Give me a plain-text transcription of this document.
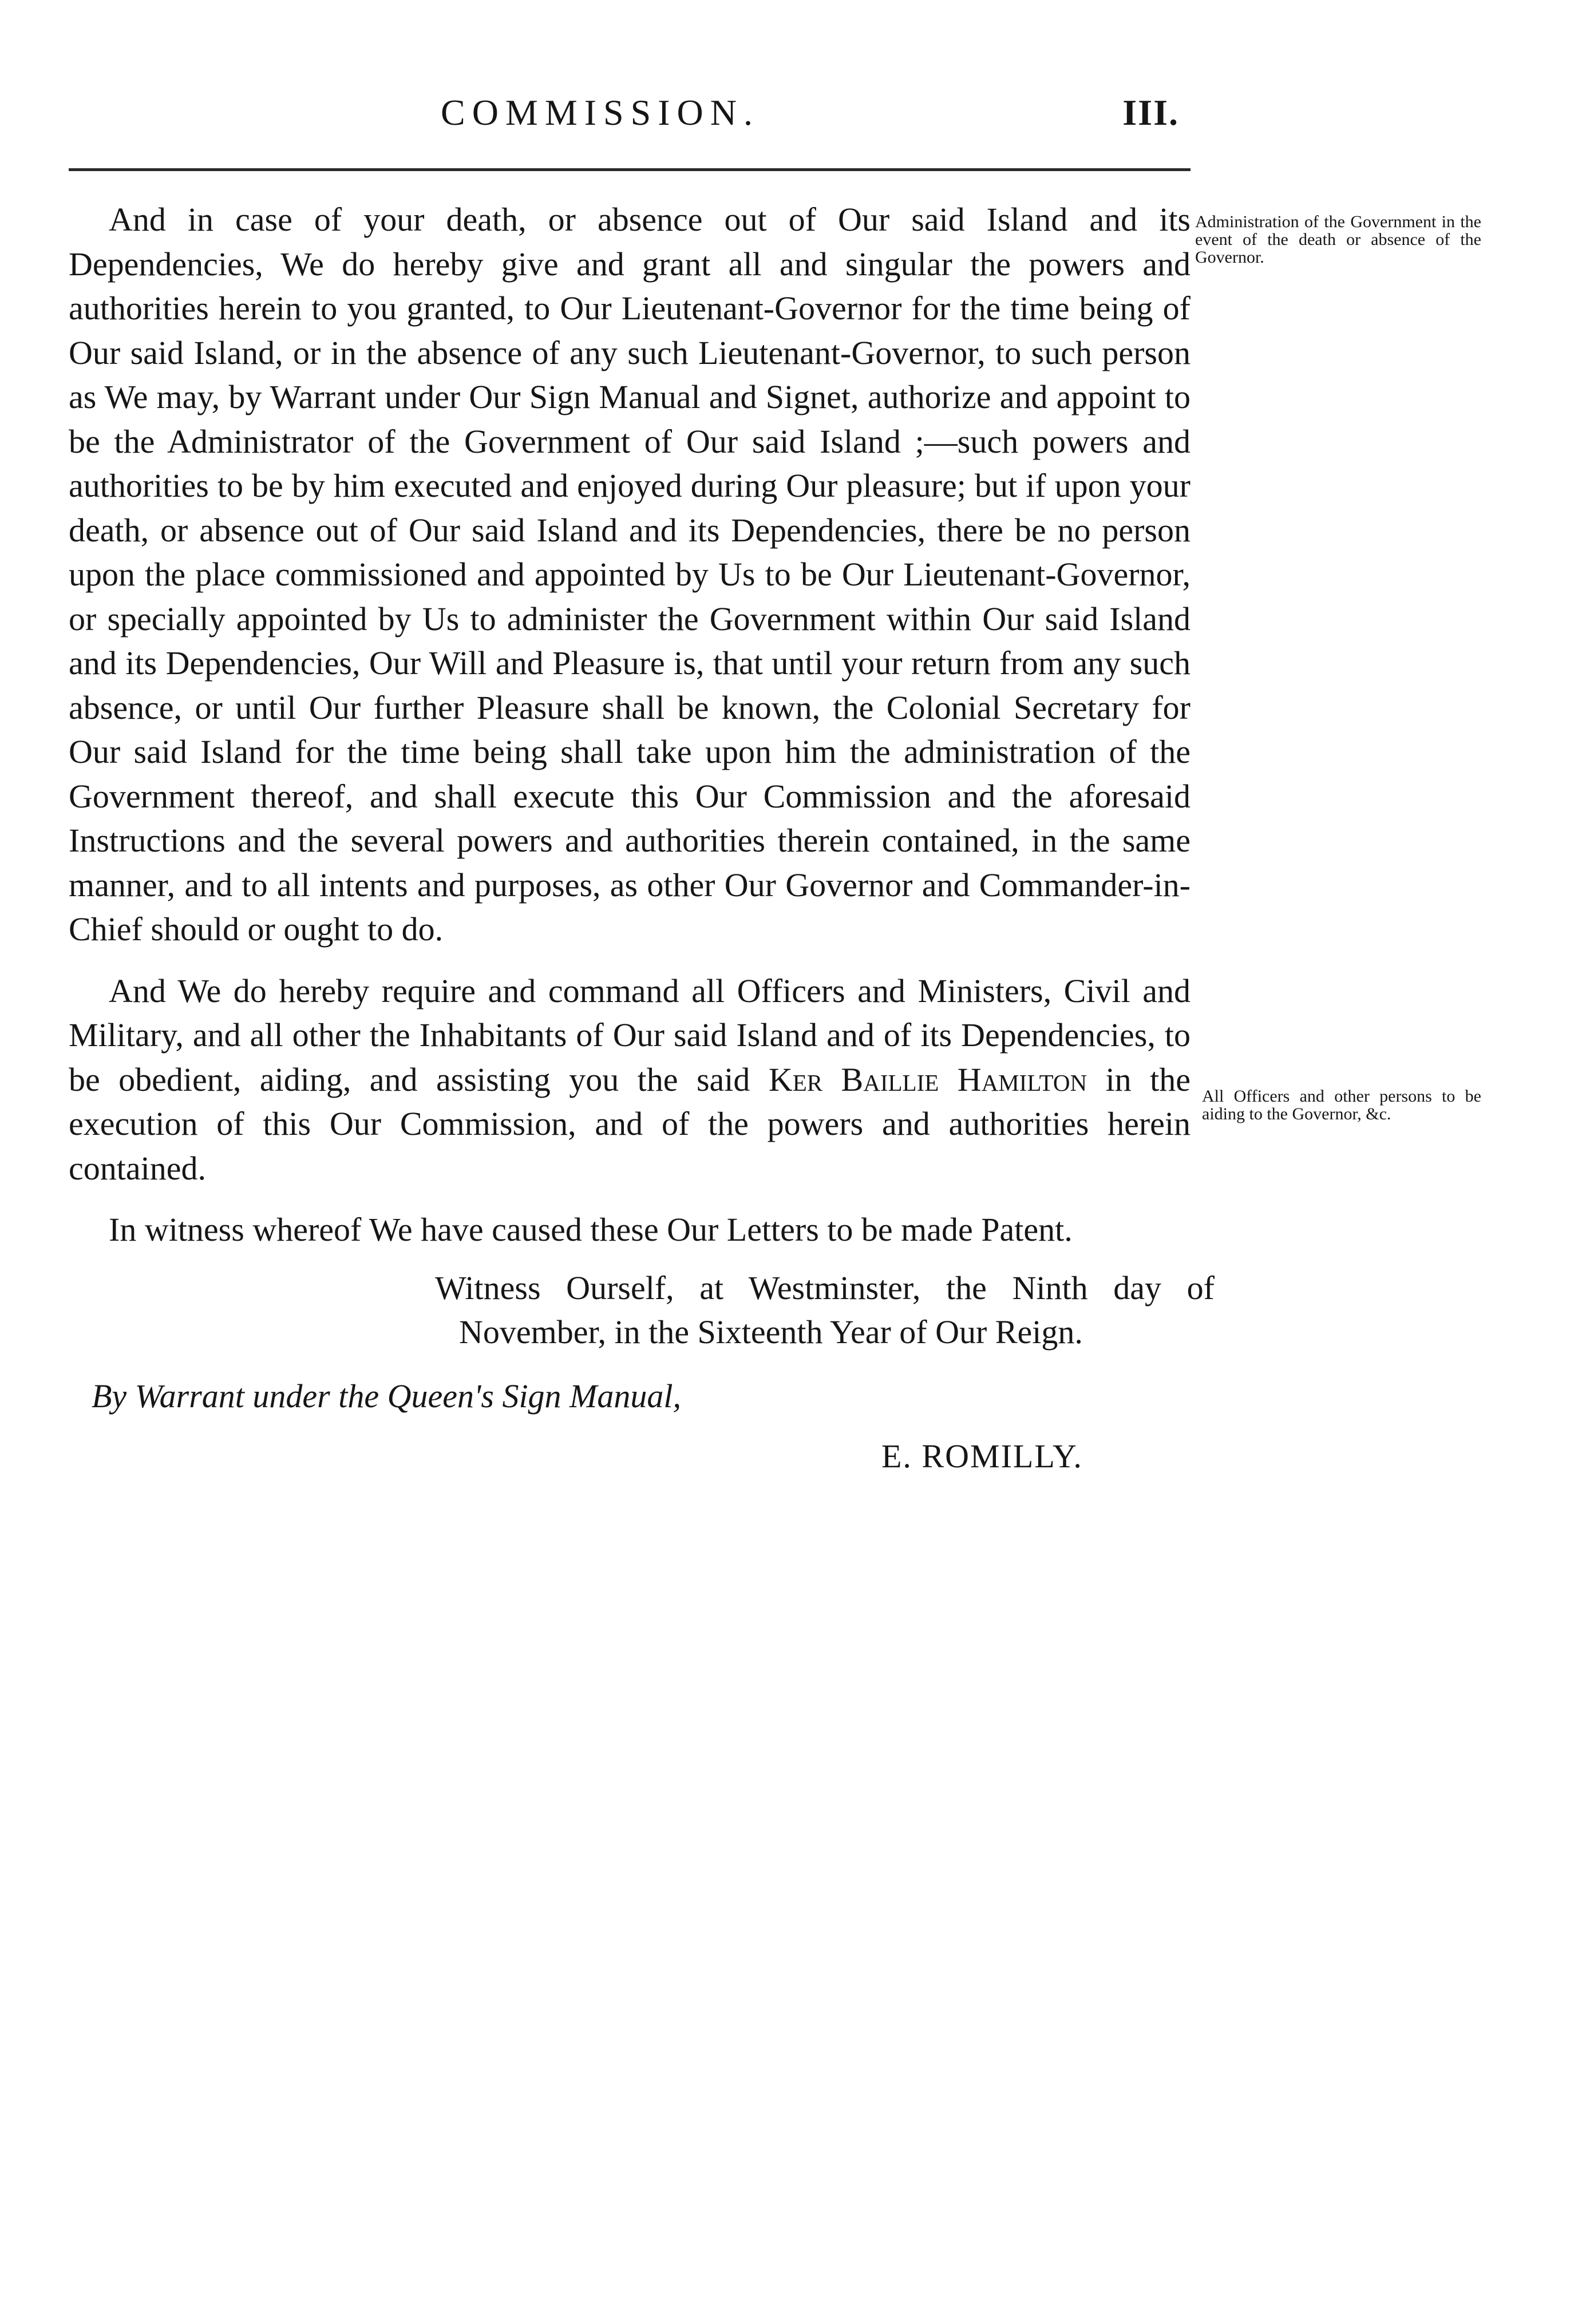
COMMISSION.	III.

And in case of your death, or absence out of Our said Island and its Dependencies, We do hereby give and grant all and singular the powers and authorities herein to you granted, to Our Lieutenant-Governor for the time being of Our said Island, or in the absence of any such Lieutenant-Governor, to such person as We may, by Warrant under Our Sign Manual and Signet, authorize and appoint to be the Administrator of the Government of Our said Island ;—such powers and authorities to be by him executed and enjoyed during Our pleasure; but if upon your death, or absence out of Our said Island and its Dependencies, there be no person upon the place commissioned and appointed by Us to be Our Lieutenant-Governor, or specially appointed by Us to administer the Government within Our said Island and its Dependencies, Our Will and Pleasure is, that until your return from any such absence, or until Our further Pleasure shall be known, the Colonial Secretary for Our said Island for the time being shall take upon him the administration of the Government thereof, and shall execute this Our Commission and the aforesaid Instructions and the several powers and authorities therein contained, in the same manner, and to all intents and purposes, as other Our Governor and Commander-in-Chief should or ought to do.

And We do hereby require and command all Officers and Ministers, Civil and Military, and all other the Inhabitants of Our said Island and of its Dependencies, to be obedient, aiding, and assisting you the said Ker Baillie Hamilton in the execution of this Our Commission, and of the powers and authorities herein contained.

In witness whereof We have caused these Our Letters to be made Patent.

Witness Ourself, at Westminster, the Ninth day of November, in the Sixteenth Year of Our Reign.

By Warrant under the Queen's Sign Manual,

E. ROMILLY.

Administration of the Government in the event of the death or absence of the Governor.
All Officers and other persons to be aiding to the Governor, &c.
